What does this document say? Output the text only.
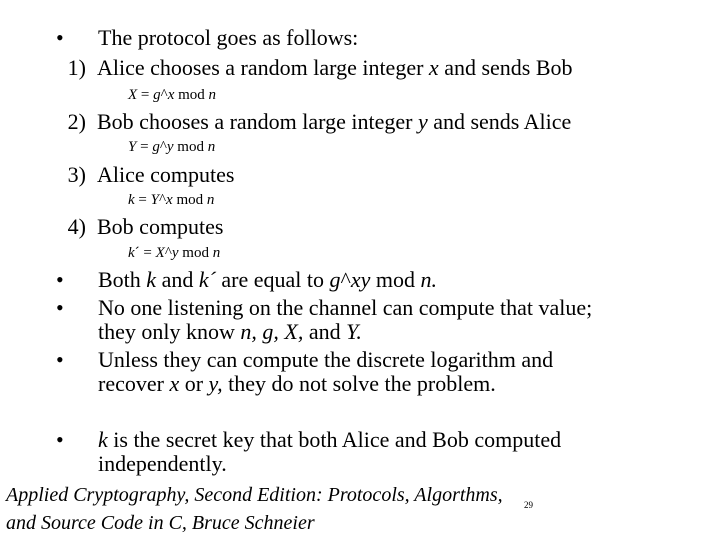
•	The protocol goes as follows:
1) Alice chooses a random large integer x and sends Bob
X = g^x mod n
2) Bob chooses a random large integer y and sends Alice
Y = g^y mod n
3) Alice computes
k = Y^x mod n
4) Bob computes
k´ = X^y mod n
•	Both k and k´ are equal to g^xy mod n.
•	No one listening on the channel can compute that value;
they only know n, g, X, and Y.
•	Unless they can compute the discrete logarithm and
recover x or y, they do not solve the problem.
•	k is the secret key that both Alice and Bob computed
independently.
Applied Cryptography, Second Edition: Protocols, Algorthms, 29
and Source Code in C, Bruce Schneier
